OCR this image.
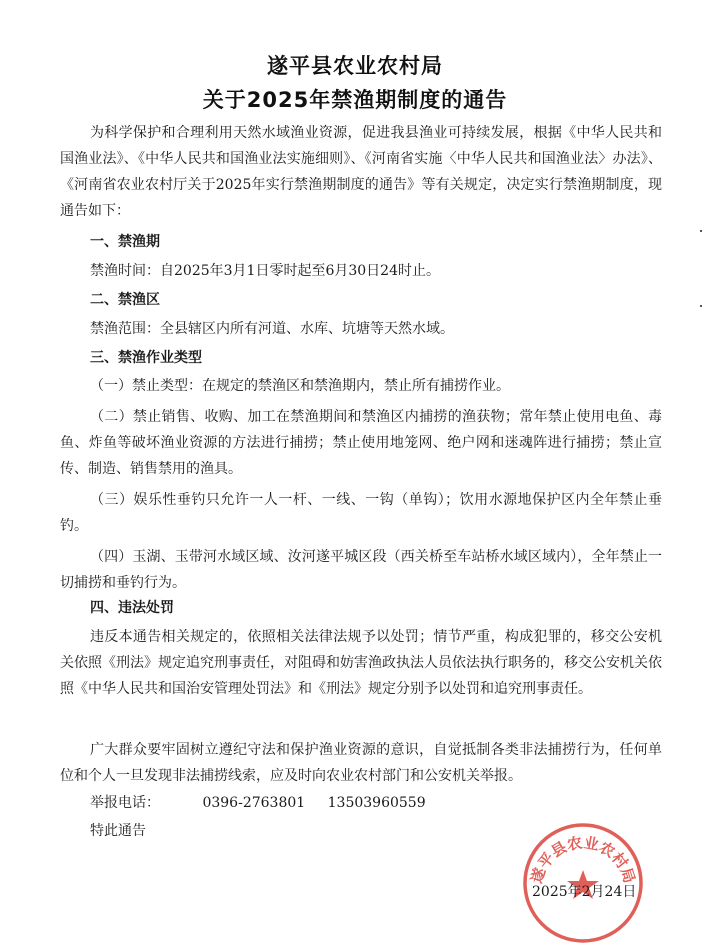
遂平县农业农村局
关于2025年禁渔期制度的通告

为科学保护和合理利用天然水域渔业资源，促进我县渔业可持续发展，根据《中华人民共和国渔业法》、《中华人民共和国渔业法实施细则》、《河南省实施〈中华人民共和国渔业法〉办法》、《河南省农业农村厅关于2025年实行禁渔期制度的通告》等有关规定，决定实行禁渔期制度，现通告如下：

一、禁渔期
禁渔时间：自2025年3月1日零时起至6月30日24时止。
二、禁渔区
禁渔范围：全县辖区内所有河道、水库、坑塘等天然水域。
三、禁渔作业类型

（一）禁止类型：在规定的禁渔区和禁渔期内，禁止所有捕捞作业。

（二）禁止销售、收购、加工在禁渔期间和禁渔区内捕捞的渔获物；常年禁止使用电鱼、毒鱼、炸鱼等破坏渔业资源的方法进行捕捞；禁止使用地笼网、绝户网和迷魂阵进行捕捞；禁止宣传、制造、销售禁用的渔具。

（三）娱乐性垂钓只允许一人一杆、一线、一钩（单钩）；饮用水源地保护区内全年禁止垂钓。

（四）玉湖、玉带河水域区域、汝河遂平城区段（西关桥至车站桥水域区域内），全年禁止一切捕捞和垂钓行为。

四、违法处罚

违反本通告相关规定的，依照相关法律法规予以处罚；情节严重，构成犯罪的，移交公安机关依照《刑法》规定追究刑事责任，对阻碍和妨害渔政执法人员依法执行职务的，移交公安机关依照《中华人民共和国治安管理处罚法》和《刑法》规定分别予以处罚和追究刑事责任。

广大群众要牢固树立遵纪守法和保护渔业资源的意识，自觉抵制各类非法捕捞行为，任何单位和个人一旦发现非法捕捞线索，应及时向农业农村部门和公安机关举报。

举报电话：	0396-2763801 13503960559
特此通告
遂平县农业农村局
2025年2月24日
